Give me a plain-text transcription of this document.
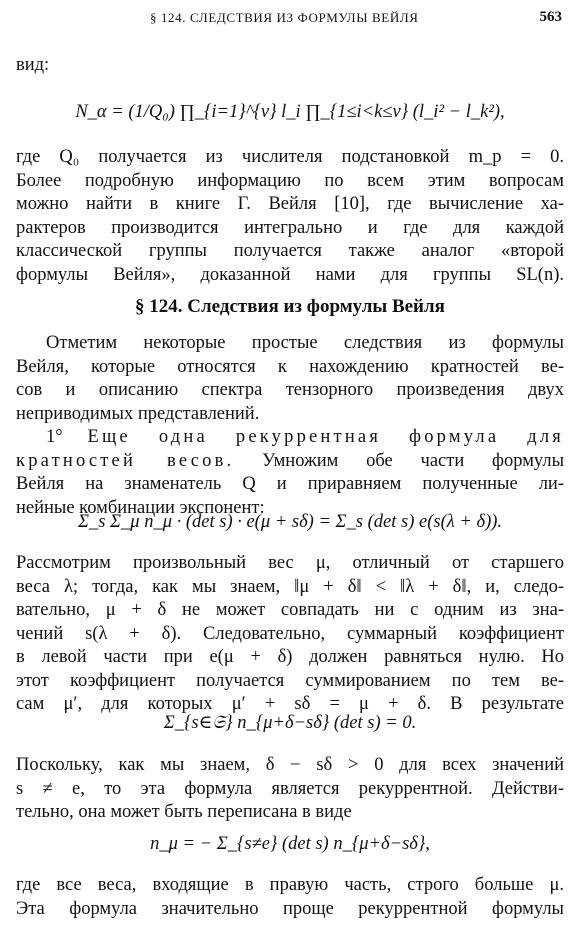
§ 124. СЛЕДСТВИЯ ИЗ ФОРМУЛЫ ВЕЙЛЯ	563
вид:
N_α = (1/Q₀) ∏_{i=1}^{ν} l_i ∏_{1≤i<k≤ν} (l_i² − l_k²),
где Q₀ получается из числителя подстановкой m_p = 0.
Более подробную информацию по всем этим вопросам
можно найти в книге Г. Вейля [10], где вычисление ха-
рактеров производится интегрально и где для каждой
классической группы получается также аналог «второй
формулы Вейля», доказанной нами для группы SL(n).
§ 124. Следствия из формулы Вейля
Отметим некоторые простые следствия из формулы
Вейля, которые относятся к нахождению кратностей ве-
сов и описанию спектра тензорного произведения двух
неприводимых представлений.
1° Еще одна рекуррентная формула для
кратностей весов. Умножим обе части формулы
Вейля на знаменатель Q и приравняем полученные ли-
нейные комбинации экспонент:
Σ_s Σ_μ n_μ · (det s) · e(μ + sδ) = Σ_s (det s) e(s(λ + δ)).
Рассмотрим произвольный вес μ, отличный от старшего
веса λ; тогда, как мы знаем, ‖μ + δ‖ < ‖λ + δ‖, и, следо-
вательно, μ + δ не может совпадать ни с одним из зна-
чений s(λ + δ). Следовательно, суммарный коэффициент
в левой части при e(μ + δ) должен равняться нулю. Но
этот коэффициент получается суммированием по тем ве-
сам μ′, для которых μ′ + sδ = μ + δ. В результате
Σ_{s∈𝔖} n_{μ+δ−sδ} (det s) = 0.
Поскольку, как мы знаем, δ − sδ > 0 для всех значений
s ≠ e, то эта формула является рекуррентной. Действи-
тельно, она может быть переписана в виде
n_μ = − Σ_{s≠e} (det s) n_{μ+δ−sδ},
где все веса, входящие в правую часть, строго больше μ.
Эта формула значительно проще рекуррентной формулы
